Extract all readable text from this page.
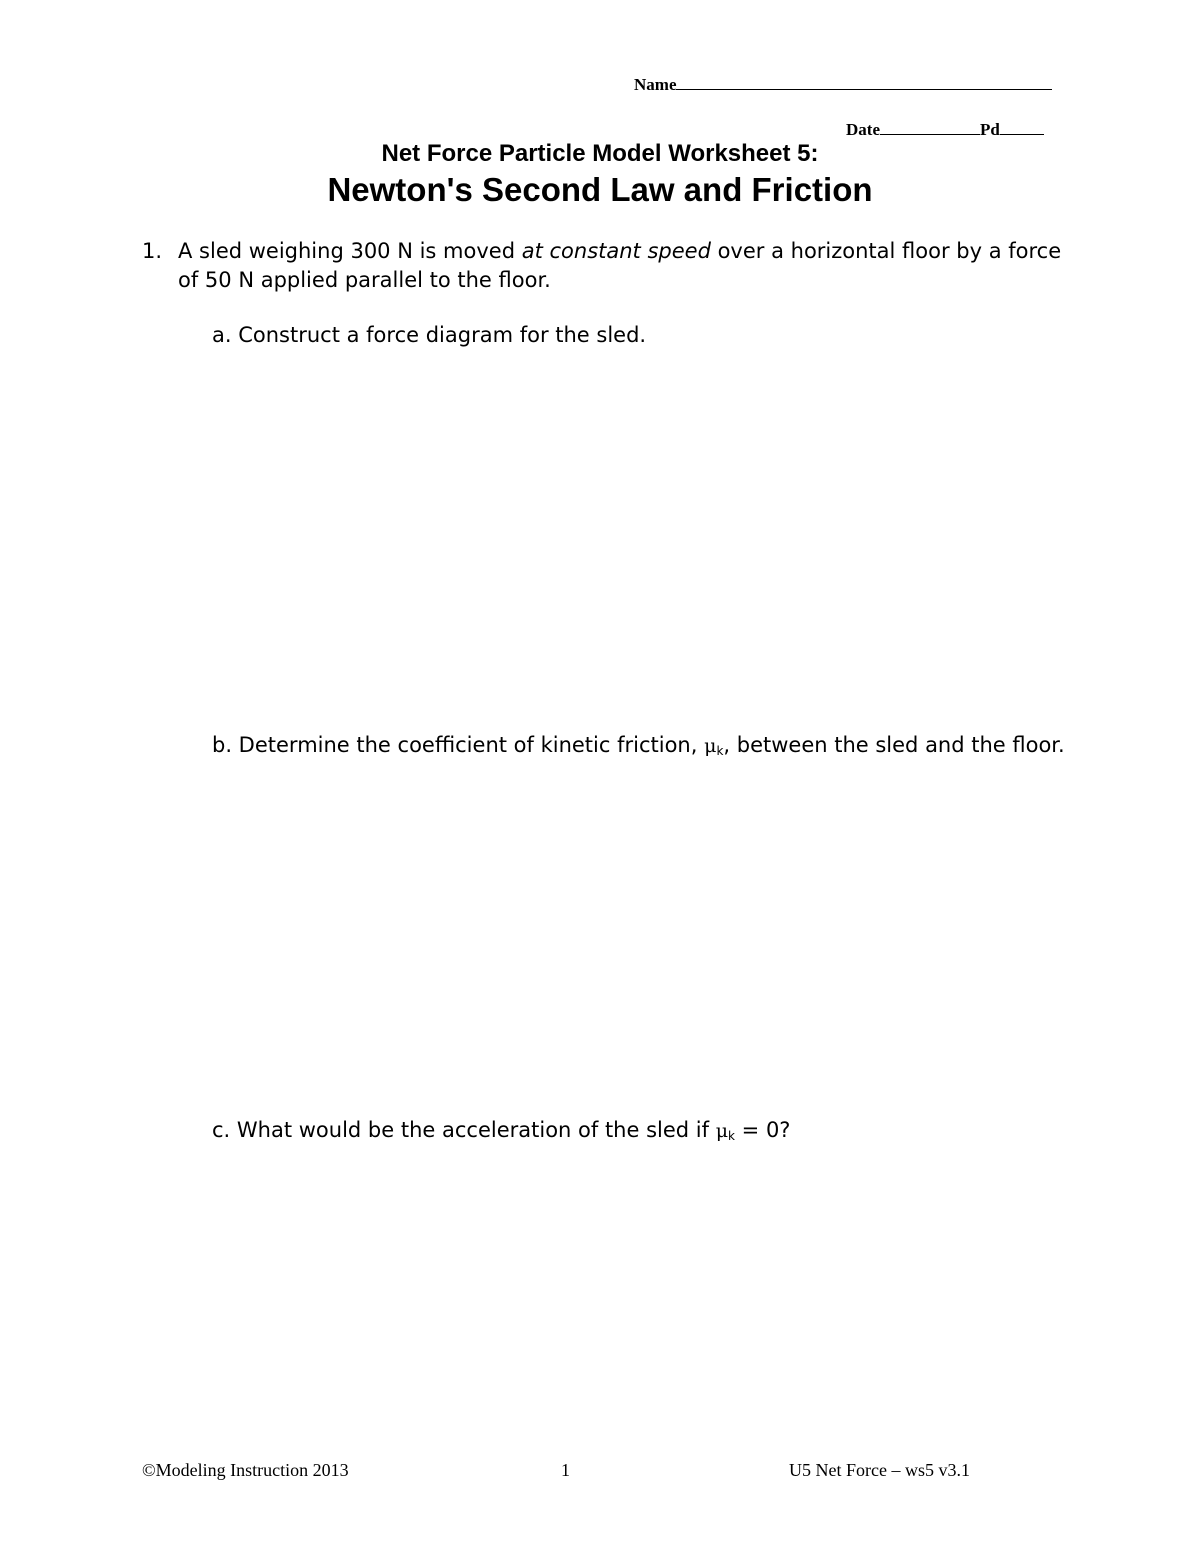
Name
Date	Pd
Net Force Particle Model Worksheet 5:
Newton's Second Law and Friction
1. A sled weighing 300 N is moved at constant speed over a horizontal floor by a force of 50 N applied parallel to the floor.
a. Construct a force diagram for the sled.
b. Determine the coefficient of kinetic friction, $\mu_k$, between the sled and the floor.
c. What would be the acceleration of the sled if $\mu_k = 0$?
©Modeling Instruction 2013	1	U5 Net Force – ws5 v3.1
